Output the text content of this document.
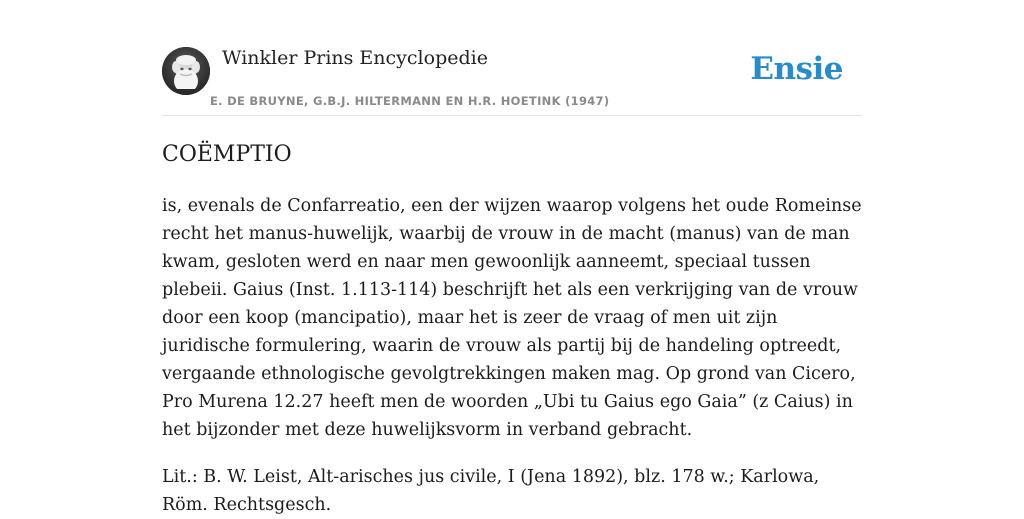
Winkler Prins Encyclopedie
E. DE BRUYNE, G.B.J. HILTERMANN EN H.R. HOETINK (1947)
Ensie
COËMPTIO

is, evenals de Confarreatio, een der wijzen waarop volgens het oude Romeinse recht het manus-huwelijk, waarbij de vrouw in de macht (manus) van de man kwam, gesloten werd en naar men gewoonlijk aanneemt, speciaal tussen plebeii. Gaius (Inst. 1.113-114) beschrijft het als een verkrijging van de vrouw door een koop (mancipatio), maar het is zeer de vraag of men uit zijn juridische formulering, waarin de vrouw als partij bij de handeling optreedt, vergaande ethnologische gevolgtrekkingen maken mag. Op grond van Cicero, Pro Murena 12.27 heeft men de woorden „Ubi tu Gaius ego Gaia” (z Caius) in het bijzonder met deze huwelijksvorm in verband gebracht.

Lit.: B. W. Leist, Alt-arisches jus civile, I (Jena 1892), blz. 178 w.; Karlowa, Röm. Rechtsgesch.
